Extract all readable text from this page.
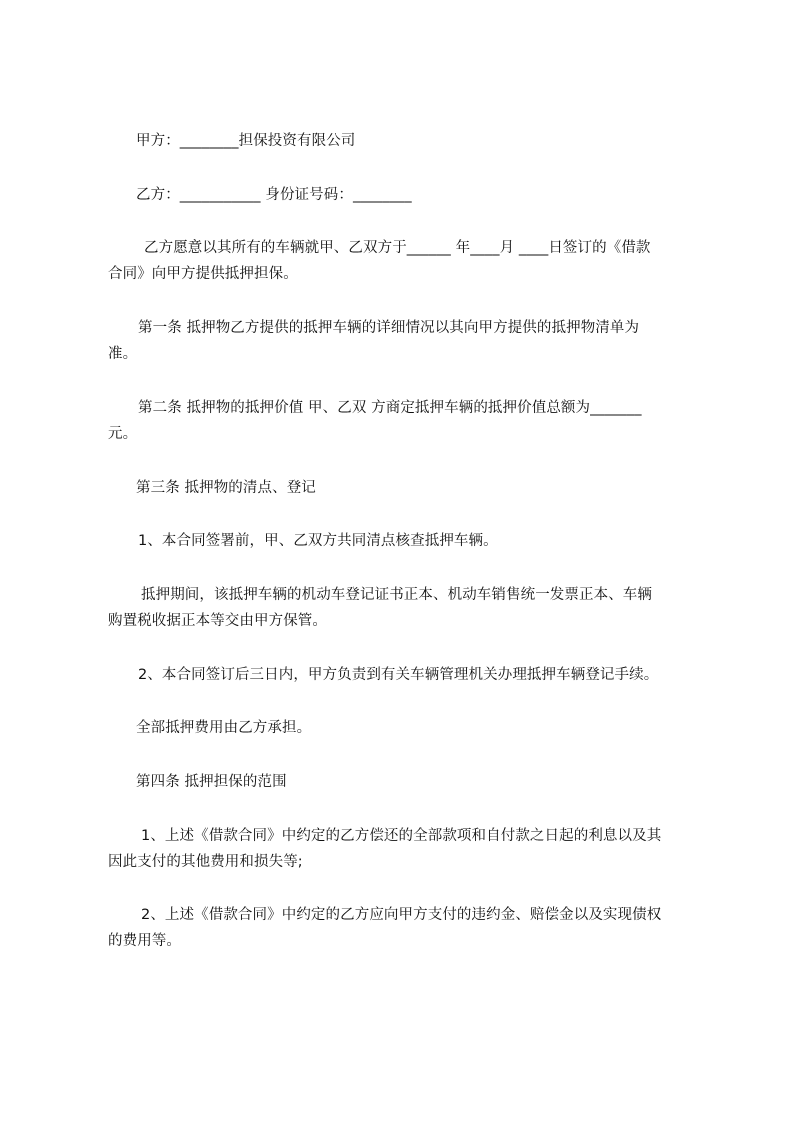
甲方：________担保投资有限公司
乙方：___________ 身份证号码：________
乙方愿意以其所有的车辆就甲、乙双方于______ 年____月 ____日签订的《借款
合同》向甲方提供抵押担保。
第一条 抵押物乙方提供的抵押车辆的详细情况以其向甲方提供的抵押物清单为
准。
第二条 抵押物的抵押价值 甲、乙双 方商定抵押车辆的抵押价值总额为_______
元。
第三条 抵押物的清点、登记
1、本合同签署前，甲、乙双方共同清点核查抵押车辆。
抵押期间，该抵押车辆的机动车登记证书正本、机动车销售统一发票正本、车辆
购置税收据正本等交由甲方保管。
2、本合同签订后三日内，甲方负责到有关车辆管理机关办理抵押车辆登记手续。
全部抵押费用由乙方承担。
第四条 抵押担保的范围
1、上述《借款合同》中约定的乙方偿还的全部款项和自付款之日起的利息以及其
因此支付的其他费用和损失等;
2、上述《借款合同》中约定的乙方应向甲方支付的违约金、赔偿金以及实现债权
的费用等。
